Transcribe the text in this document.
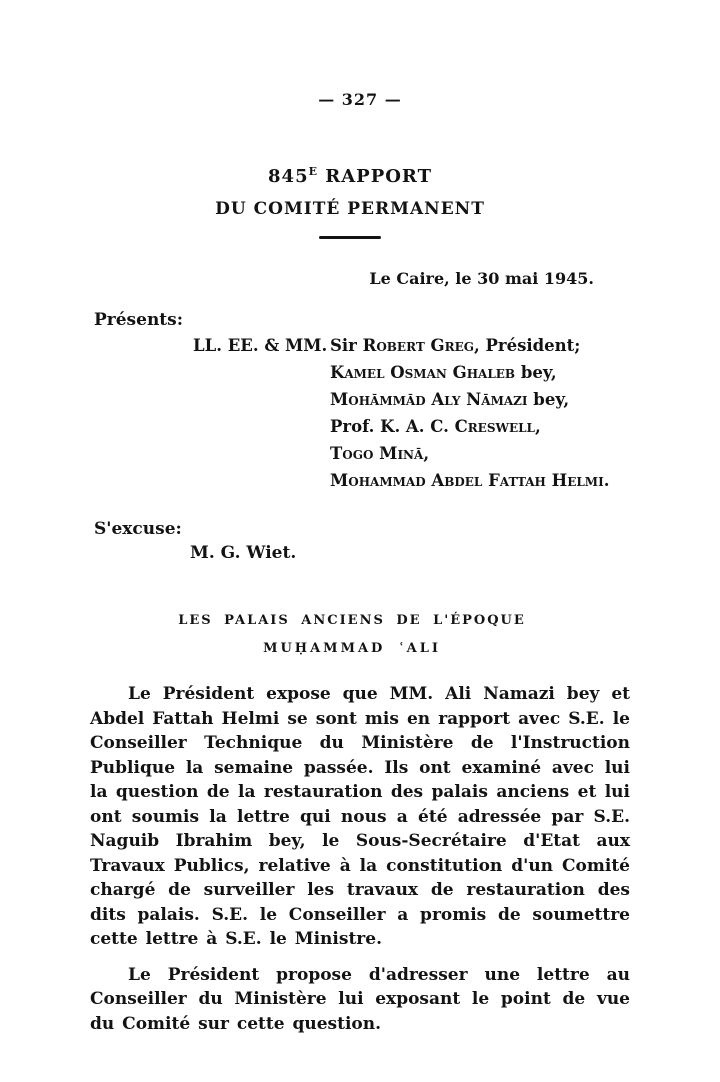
— 327 —
$845^E$ RAPPORT
DU COMITÉ PERMANENT
Le Caire, le 30 mai 1945.
Présents:
LL. EE. & MM. Sir Robert Greg, Président;
Kamel Osman Ghaleb bey,
Mohāmmād Aly Nāmazi bey,
Prof. K. A. C. Creswell,
Togo Minā,
Mohammad Abdel Fattah Helmi.
S'excuse:
M. G. Wiet.
LES PALAIS ANCIENS DE L'ÉPOQUE
MUḤAMMAD ʿALI

Le Président expose que MM. Ali Namazi bey et Abdel Fattah Helmi se sont mis en rapport avec S.E. le Conseiller Technique du Ministère de l'Instruction Publique la semaine passée. Ils ont examiné avec lui la question de la restauration des palais anciens et lui ont soumis la lettre qui nous a été adressée par S.E. Naguib Ibrahim bey, le Sous-Secrétaire d'Etat aux Travaux Publics, relative à la constitution d'un Comité chargé de surveiller les travaux de restauration des dits palais. S.E. le Conseiller a promis de soumettre cette lettre à S.E. le Ministre.

Le Président propose d'adresser une lettre au Conseiller du Ministère lui exposant le point de vue du Comité sur cette question.
